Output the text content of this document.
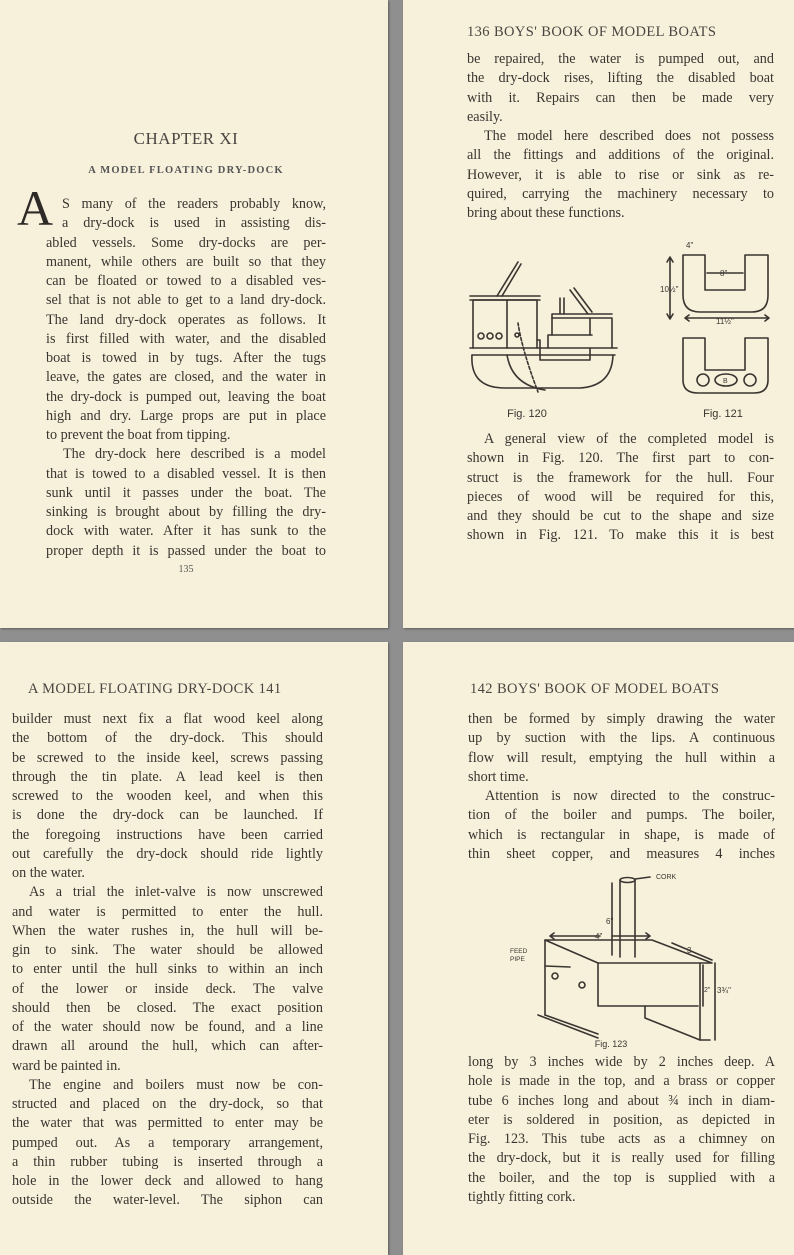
CHAPTER XI
A MODEL FLOATING DRY-DOCK
A S many of the readers probably know,
a dry-dock is used in assisting dis-
abled vessels. Some dry-docks are per-
manent, while others are built so that they
can be floated or towed to a disabled ves-
sel that is not able to get to a land dry-dock.
The land dry-dock operates as follows. It
is first filled with water, and the disabled
boat is towed in by tugs. After the tugs
leave, the gates are closed, and the water in
the dry-dock is pumped out, leaving the boat
high and dry. Large props are put in place
to prevent the boat from tipping.
The dry-dock here described is a model
that is towed to a disabled vessel. It is then
sunk until it passes under the boat. The
sinking is brought about by filling the dry-
dock with water. After it has sunk to the
proper depth it is passed under the boat to
135
136 BOYS' BOOK OF MODEL BOATS
be repaired, the water is pumped out, and
the dry-dock rises, lifting the disabled boat
with it. Repairs can then be made very
easily.
The model here described does not possess
all the fittings and additions of the original.
However, it is able to rise or sink as re-
quired, carrying the machinery necessary to
bring about these functions.
A general view of the completed model is
shown in Fig. 120. The first part to con-
struct is the framework for the hull. Four
pieces of wood will be required for this,
and they should be cut to the shape and size
shown in Fig. 121. To make this it is best
A MODEL FLOATING DRY-DOCK 141
builder must next fix a flat wood keel along
the bottom of the dry-dock. This should
be screwed to the inside keel, screws passing
through the tin plate. A lead keel is then
screwed to the wooden keel, and when this
is done the dry-dock can be launched. If
the foregoing instructions have been carried
out carefully the dry-dock should ride lightly
on the water.
As a trial the inlet-valve is now unscrewed
and water is permitted to enter the hull.
When the water rushes in, the hull will be-
gin to sink. The water should be allowed
to enter until the hull sinks to within an inch
of the lower or inside deck. The valve
should then be closed. The exact position
of the water should now be found, and a line
drawn all around the hull, which can after-
ward be painted in.
The engine and boilers must now be con-
structed and placed on the dry-dock, so that
the water that was permitted to enter may be
pumped out. As a temporary arrangement,
a thin rubber tubing is inserted through a
hole in the lower deck and allowed to hang
outside the water-level. The siphon can
142 BOYS' BOOK OF MODEL BOATS
then be formed by simply drawing the water
up by suction with the lips. A continuous
flow will result, emptying the hull within a
short time.
Attention is now directed to the construc-
tion of the boiler and pumps. The boiler,
which is rectangular in shape, is made of
thin sheet copper, and measures 4 inches
long by 3 inches wide by 2 inches deep. A
hole is made in the top, and a brass or copper
tube 6 inches long and about ¾ inch in diam-
eter is soldered in position, as depicted in
Fig. 123. This tube acts as a chimney on
the dry-dock, but it is really used for filling
the boiler, and the top is supplied with a
tightly fitting cork.
Fig. 120
4"
8"
10½"
11½"
B
Fig. 121
CORK
FEED
PIPE
4"
6"
3
2" 3¾"
Fig. 123
